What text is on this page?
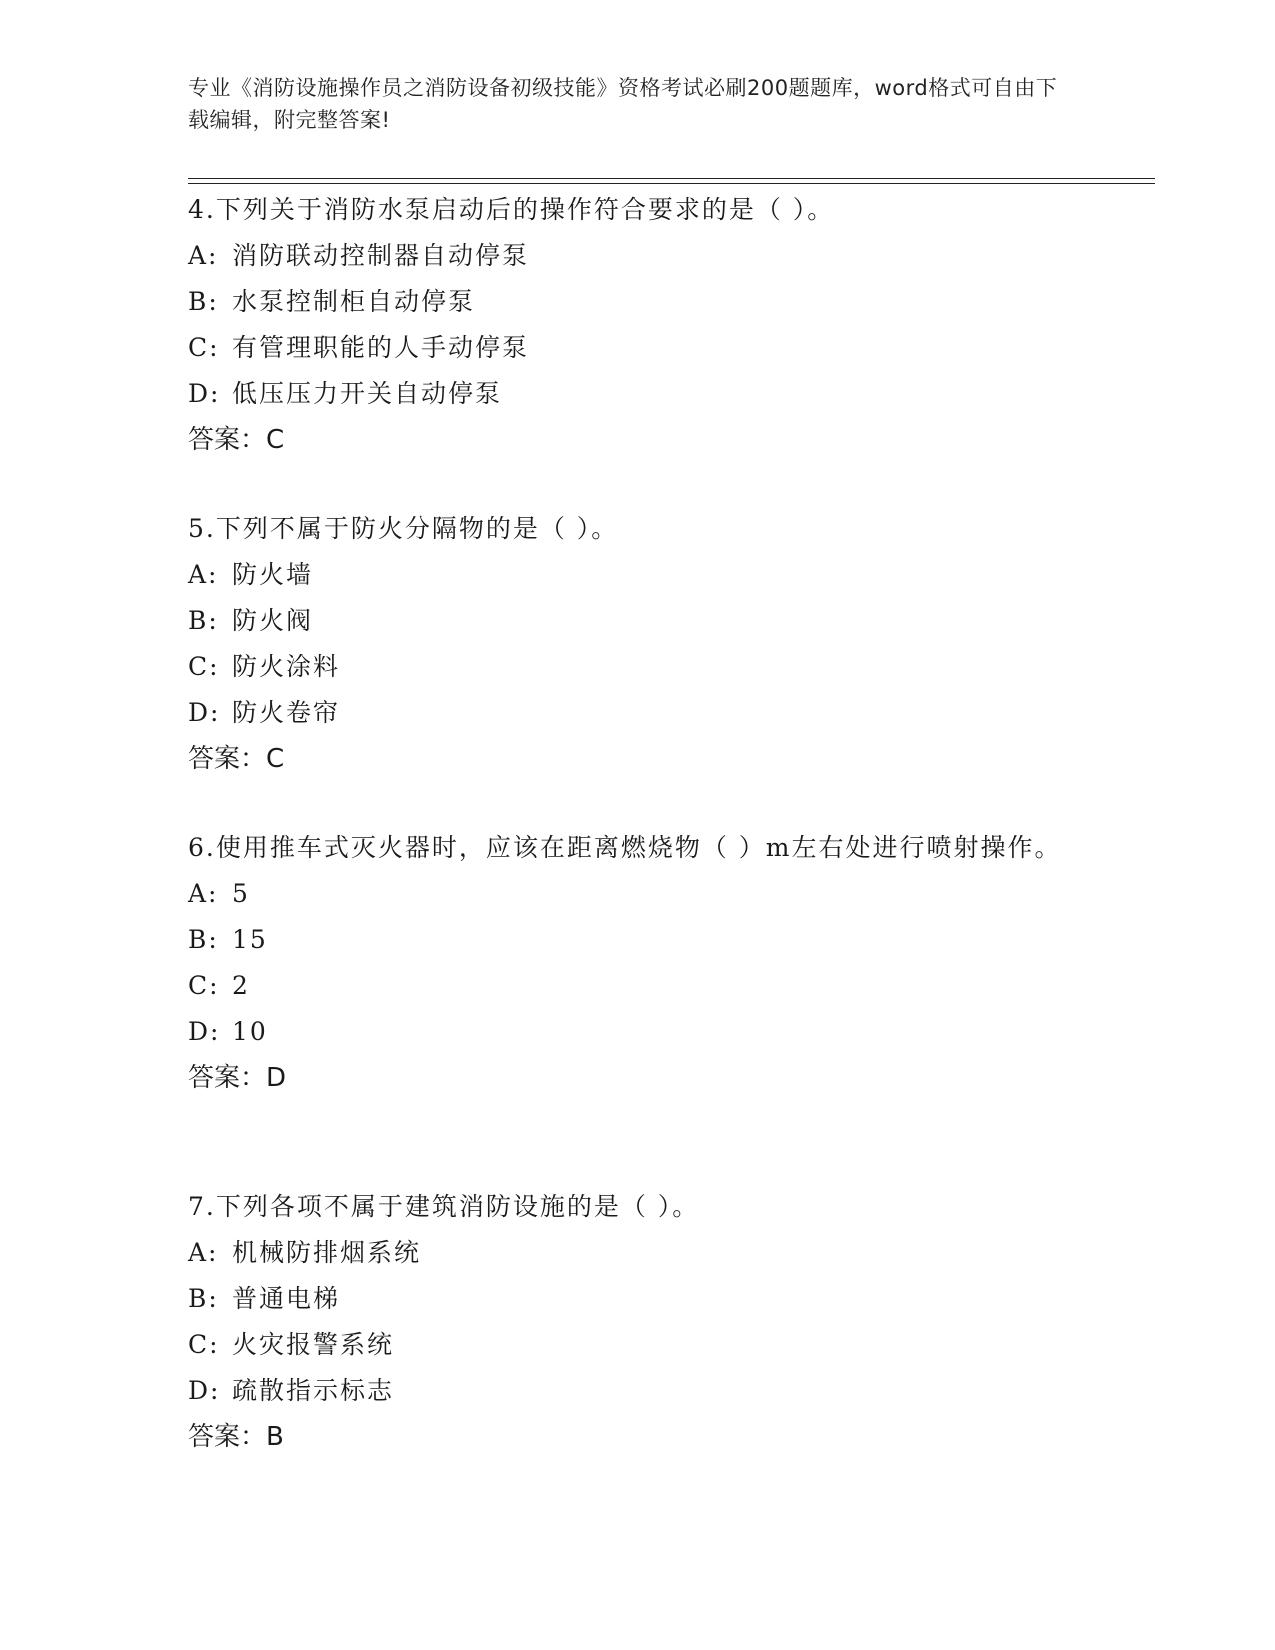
专业《消防设施操作员之消防设备初级技能》资格考试必刷200题题库，word格式可自由下载编辑，附完整答案!

4.下列关于消防水泵启动后的操作符合要求的是（ ）。

A: 消防联动控制器自动停泵

B: 水泵控制柜自动停泵

C: 有管理职能的人手动停泵

D: 低压压力开关自动停泵

答案：C

5.下列不属于防火分隔物的是（ ）。

A: 防火墙

B: 防火阀

C: 防火涂料

D: 防火卷帘

答案：C

6.使用推车式灭火器时，应该在距离燃烧物（ ）m左右处进行喷射操作。

A: 5

B: 15

C: 2

D: 10

答案：D

7.下列各项不属于建筑消防设施的是（ ）。

A: 机械防排烟系统

B: 普通电梯

C: 火灾报警系统

D: 疏散指示标志

答案：B
